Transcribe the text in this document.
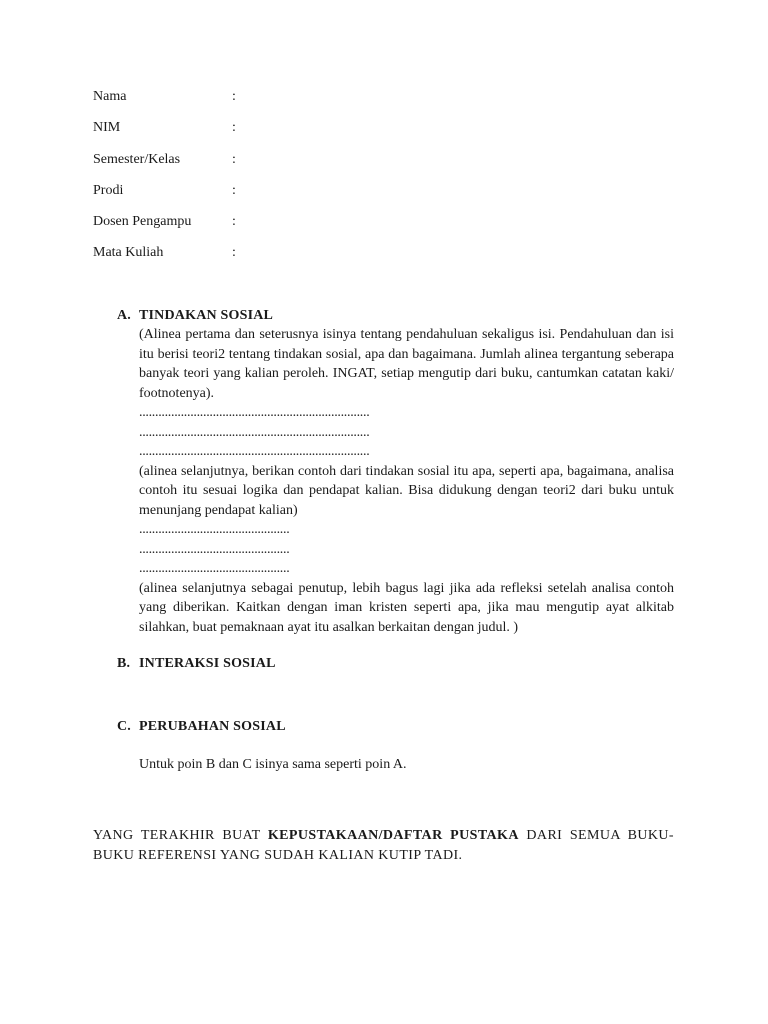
Nama	:
NIM	:
Semester/Kelas	:
Prodi	:
Dosen Pengampu	:
Mata Kuliah	:
A. TINDAKAN SOSIAL

(Alinea pertama dan seterusnya isinya tentang pendahuluan sekaligus isi. Pendahuluan dan isi itu berisi teori2 tentang tindakan sosial, apa dan bagaimana. Jumlah alinea tergantung seberapa banyak teori yang kalian peroleh. INGAT, setiap mengutip dari buku, cantumkan catatan kaki/ footnotenya).

........................................................................
........................................................................
........................................................................

(alinea selanjutnya, berikan contoh dari tindakan sosial itu apa, seperti apa, bagaimana, analisa contoh itu sesuai logika dan pendapat kalian. Bisa didukung dengan teori2 dari buku untuk menunjang pendapat kalian)

...............................................
...............................................
...............................................

(alinea selanjutnya sebagai penutup, lebih bagus lagi jika ada refleksi setelah analisa contoh yang diberikan. Kaitkan dengan iman kristen seperti apa, jika mau mengutip ayat alkitab silahkan, buat pemaknaan ayat itu asalkan berkaitan dengan judul. )

B. INTERAKSI SOSIAL
C. PERUBAHAN SOSIAL
Untuk poin B dan C isinya sama seperti poin A.
YANG TERAKHIR BUAT KEPUSTAKAAN/DAFTAR PUSTAKA DARI SEMUA BUKU-BUKU REFERENSI YANG SUDAH KALIAN KUTIP TADI.
